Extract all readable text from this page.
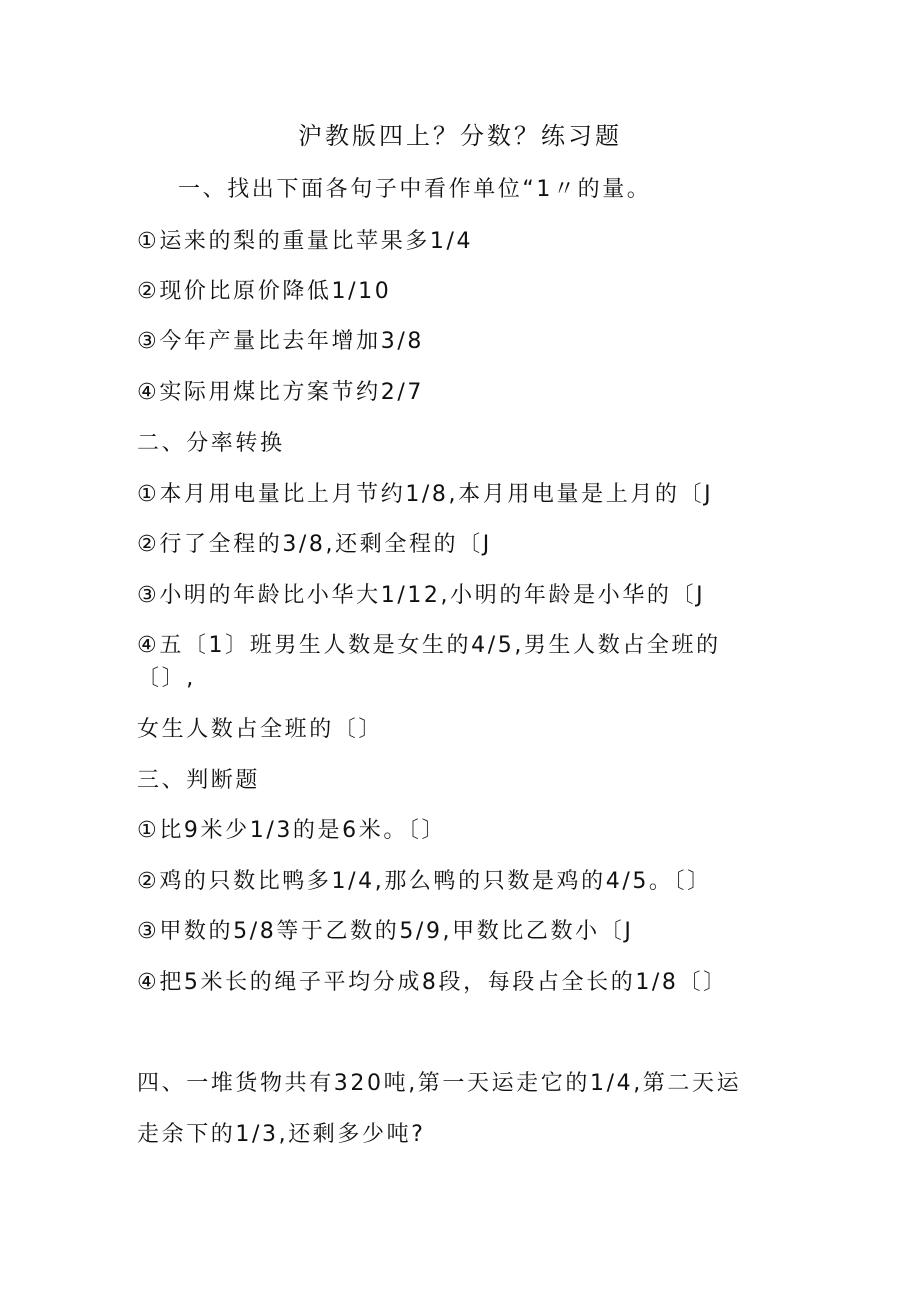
沪教版四上？分数？练习题
一、找出下面各句子中看作单位“1〃的量。
①运来的梨的重量比苹果多1/4
②现价比原价降低1/10
③今年产量比去年增加3/8
④实际用煤比方案节约2/7
二、分率转换
①本月用电量比上月节约1/8,本月用电量是上月的〔J
②行了全程的3/8,还剩全程的〔J
③小明的年龄比小华大1/12,小明的年龄是小华的〔J
④五〔1〕班男生人数是女生的4/5,男生人数占全班的
〔〕,
女生人数占全班的〔〕
三、判断题
①比9米少1/3的是6米。〔〕
②鸡的只数比鸭多1/4,那么鸭的只数是鸡的4/5。〔〕
③甲数的5/8等于乙数的5/9,甲数比乙数小〔J
④把5米长的绳子平均分成8段，每段占全长的1/8〔〕
四、一堆货物共有320吨,第一天运走它的1/4,第二天运
走余下的1/3,还剩多少吨?
